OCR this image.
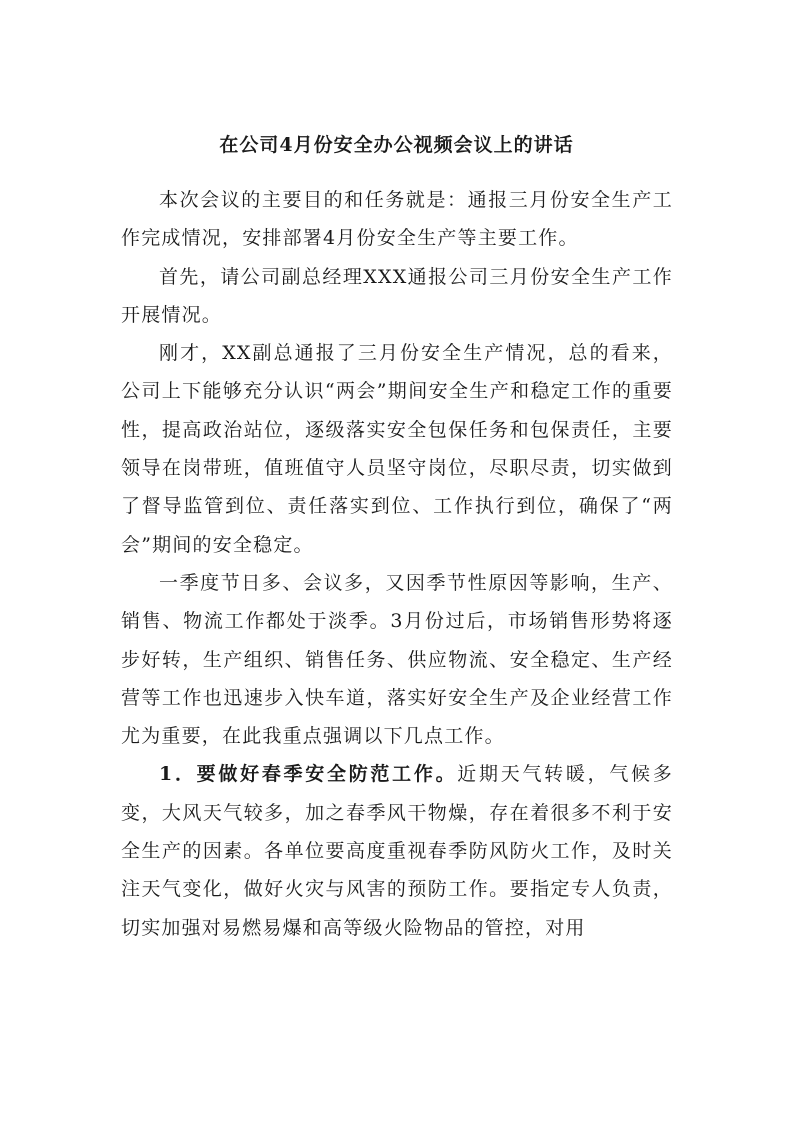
在公司4月份安全办公视频会议上的讲话

本次会议的主要目的和任务就是：通报三月份安全生产工作完成情况，安排部署4月份安全生产等主要工作。

首先，请公司副总经理XXX通报公司三月份安全生产工作开展情况。

刚才，XX副总通报了三月份安全生产情况，总的看来，公司上下能够充分认识“两会”期间安全生产和稳定工作的重要性，提高政治站位，逐级落实安全包保任务和包保责任，主要领导在岗带班，值班值守人员坚守岗位，尽职尽责，切实做到了督导监管到位、责任落实到位、工作执行到位，确保了“两会”期间的安全稳定。

一季度节日多、会议多，又因季节性原因等影响，生产、销售、物流工作都处于淡季。3月份过后，市场销售形势将逐步好转，生产组织、销售任务、供应物流、安全稳定、生产经营等工作也迅速步入快车道，落实好安全生产及企业经营工作尤为重要，在此我重点强调以下几点工作。

1．要做好春季安全防范工作。近期天气转暖，气候多变，大风天气较多，加之春季风干物燥，存在着很多不利于安全生产的因素。各单位要高度重视春季防风防火工作，及时关注天气变化，做好火灾与风害的预防工作。要指定专人负责，切实加强对易燃易爆和高等级火险物品的管控，对用
